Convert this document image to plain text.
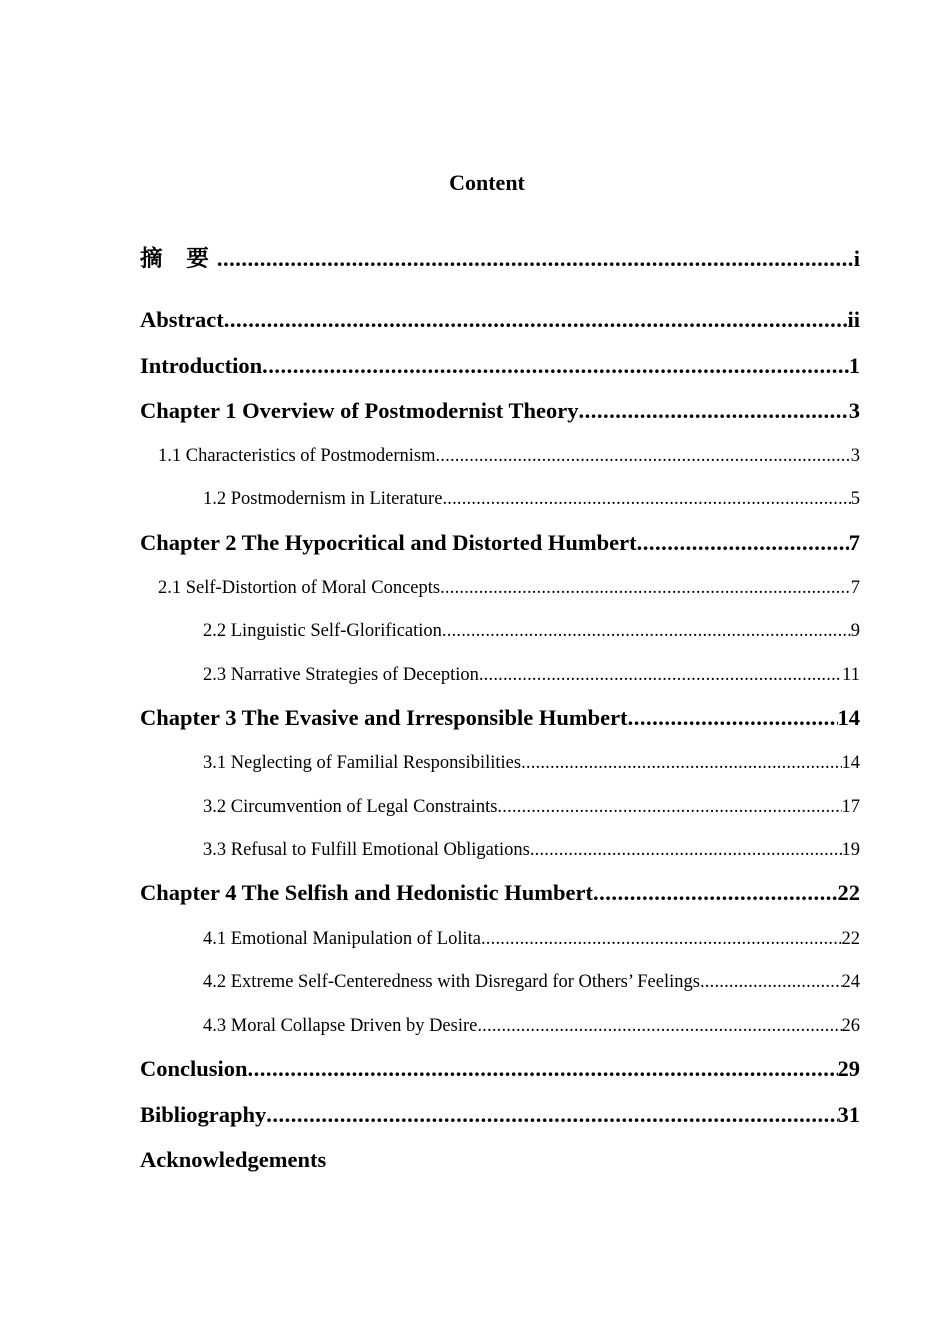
Content
摘 要 .....	i
Abstract .....	ii
Introduction .....	1
Chapter 1 Overview of Postmodernist Theory .....	3
1.1 Characteristics of Postmodernism .....	3
1.2 Postmodernism in Literature .....	5
Chapter 2 The Hypocritical and Distorted Humbert .....	7
2.1 Self-Distortion of Moral Concepts .....	7
2.2 Linguistic Self-Glorification .....	9
2.3 Narrative Strategies of Deception .....	11
Chapter 3 The Evasive and Irresponsible Humbert .....	14
3.1 Neglecting of Familial Responsibilities .....	14
3.2 Circumvention of Legal Constraints .....	17
3.3 Refusal to Fulfill Emotional Obligations .....	19
Chapter 4 The Selfish and Hedonistic Humbert .....	22
4.1 Emotional Manipulation of Lolita .....	22
4.2 Extreme Self-Centeredness with Disregard for Others’ Feelings .....	24
4.3 Moral Collapse Driven by Desire .....	26
Conclusion .....	29
Bibliography .....	31
Acknowledgements
